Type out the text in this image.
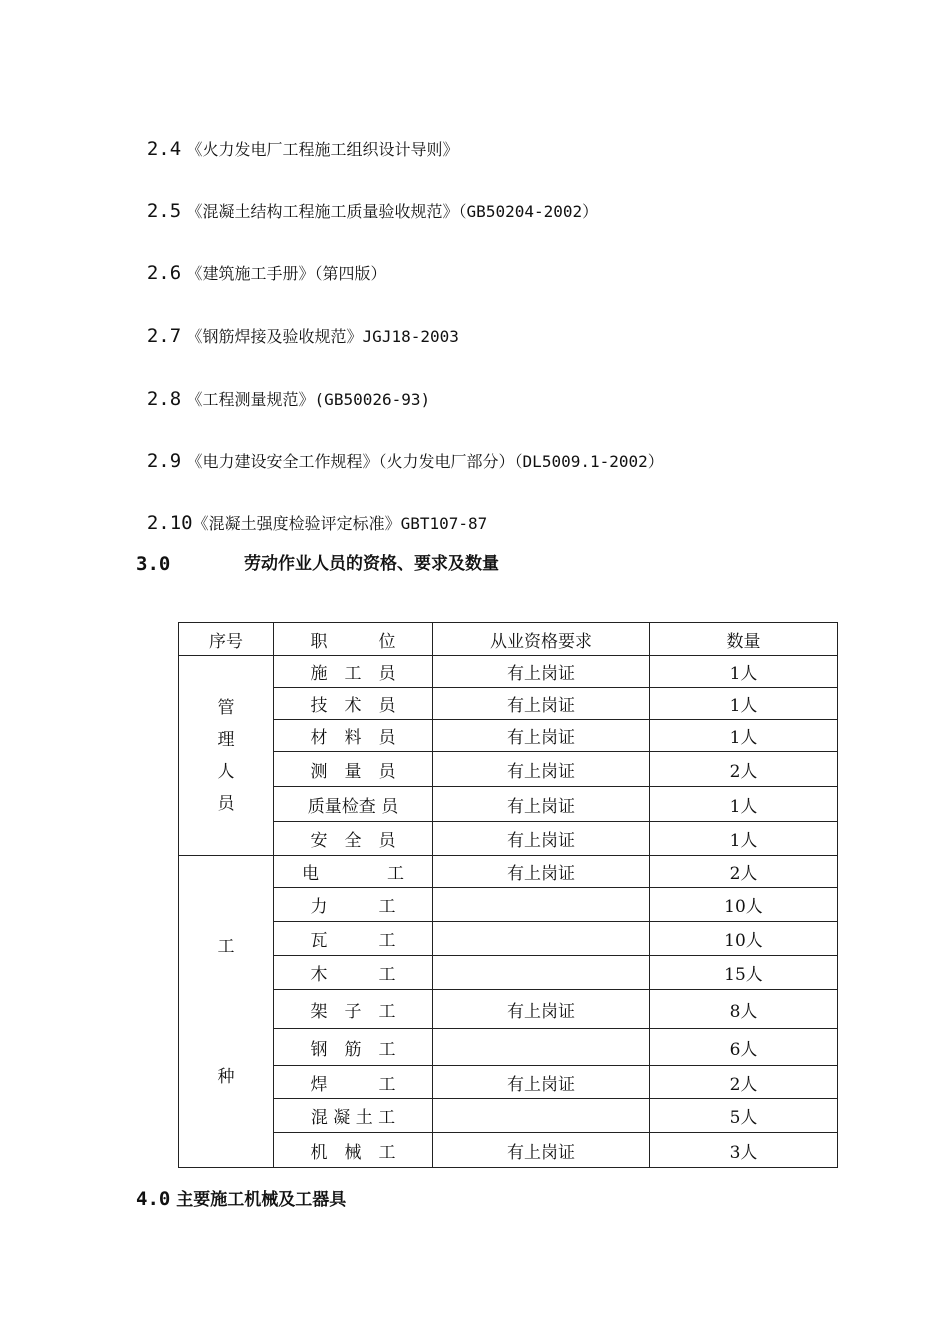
2.4 《火力发电厂工程施工组织设计导则》

2.5 《混凝土结构工程施工质量验收规范》（GB50204-2002）

2.6 《建筑施工手册》（第四版）

2.7 《钢筋焊接及验收规范》JGJ18-2003

2.8 《工程测量规范》(GB50026-93)

2.9 《电力建设安全工作规程》（火力发电厂部分）（DL5009.1-2002）

2.10《混凝土强度检验评定标准》GBT107-87

3.0	劳动作业人员的资格、要求及数量
序号	职　　　位	从业资格要求	数量

管
理
人
员	施　工　员	有上岗证	1人
	技　术　员	有上岗证	1人
	材　料　员	有上岗证	1人
	测　量　员	有上岗证	2人
	质量检查 员	有上岗证	1人
	安　全　员	有上岗证	1人

工
种	电　　　　工	有上岗证	2人
	力　　　工		10人
	瓦　　　工		10人
	木　　　工		15人
	架　子　工	有上岗证	8人
	钢　筋　工		6人
	焊　　　工	有上岗证	2人
	混 凝 土 工		5人
	机　械　工	有上岗证	3人
4.0 主要施工机械及工器具
